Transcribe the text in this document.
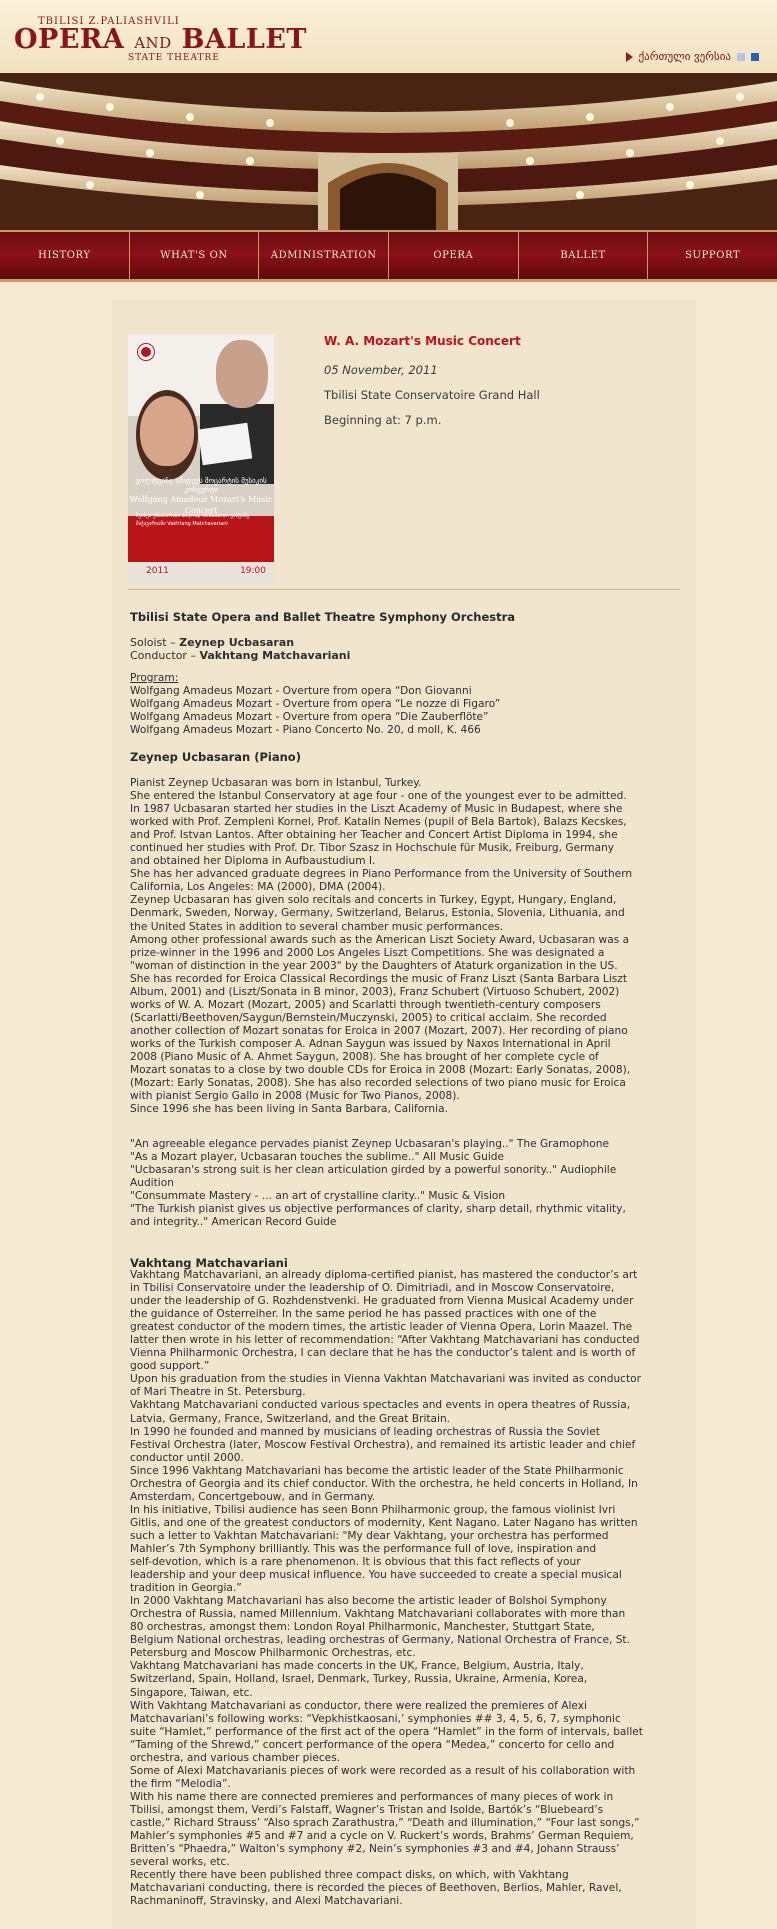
TBILISI Z.PALIASHVILI
OPERA AND BALLET
STATE THEATRE	ქართული ვერსია
HISTORY	WHAT'S ON	ADMINISTRATION	OPERA	BALLET	SUPPORT
ვოლფგანგ ამადეუს მოცარტის მუსიკის კონცერტი
Wolfgang Amadeus Mozart's Music Concert
ზეინეპ უჩბასარანი Zeynep Ucbasaran ვახტანგ მაჭავარიანი Vakhtang Matchavariani
2011	19:00
W. A. Mozart's Music Concert
05 November, 2011
Tbilisi State Conservatoire Grand Hall
Beginning at: 7 p.m.
Tbilisi State Opera and Ballet Theatre Symphony Orchestra

Soloist – Zeynep Ucbasaran

Conductor – Vakhtang Matchavariani

Program:

Wolfgang Amadeus Mozart - Overture from opera “Don Giovanni

Wolfgang Amadeus Mozart - Overture from opera “Le nozze di Figaro”

Wolfgang Amadeus Mozart - Overture from opera “Die Zauberflöte”

Wolfgang Amadeus Mozart - Piano Concerto No. 20, d moll, K. 466

Zeynep Ucbasaran (Piano)

Pianist Zeynep Ucbasaran was born in Istanbul, Turkey.

She entered the Istanbul Conservatory at age four - one of the youngest ever to be admitted.

In 1987 Ucbasaran started her studies in the Liszt Academy of Music in Budapest, where she

worked with Prof. Zempleni Kornel, Prof. Katalin Nemes (pupil of Bela Bartok), Balazs Kecskes,

and Prof. Istvan Lantos. After obtaining her Teacher and Concert Artist Diploma in 1994, she

continued her studies with Prof. Dr. Tibor Szasz in Hochschule für Musik, Freiburg, Germany

and obtained her Diploma in Aufbaustudium I.

She has her advanced graduate degrees in Piano Performance from the University of Southern

California, Los Angeles: MA (2000), DMA (2004).

Zeynep Ucbasaran has given solo recitals and concerts in Turkey, Egypt, Hungary, England,

Denmark, Sweden, Norway, Germany, Switzerland, Belarus, Estonia, Slovenia, Lithuania, and

the United States in addition to several chamber music performances.

Among other professional awards such as the American Liszt Society Award, Ucbasaran was a

prize-winner in the 1996 and 2000 Los Angeles Liszt Competitions. She was designated a

"woman of distinction in the year 2003" by the Daughters of Ataturk organization in the US.

She has recorded for Eroica Classical Recordings the music of Franz Liszt (Santa Barbara Liszt

Album, 2001) and (Liszt/Sonata in B minor, 2003), Franz Schubert (Virtuoso Schubert, 2002)

works of W. A. Mozart (Mozart, 2005) and Scarlatti through twentieth-century composers

(Scarlatti/Beethoven/Saygun/Bernstein/Muczynski, 2005) to critical acclaim. She recorded

another collection of Mozart sonatas for Eroica in 2007 (Mozart, 2007). Her recording of piano

works of the Turkish composer A. Adnan Saygun was issued by Naxos International in April

2008 (Piano Music of A. Ahmet Saygun, 2008). She has brought of her complete cycle of

Mozart sonatas to a close by two double CDs for Eroica in 2008 (Mozart: Early Sonatas, 2008),

(Mozart: Early Sonatas, 2008). She has also recorded selections of two piano music for Eroica

with pianist Sergio Gallo in 2008 (Music for Two Pianos, 2008).

Since 1996 she has been living in Santa Barbara, California.

"An agreeable elegance pervades pianist Zeynep Ucbasaran's playing.." The Gramophone

"As a Mozart player, Ucbasaran touches the sublime.." All Music Guide

"Ucbasaran's strong suit is her clean articulation girded by a powerful sonority.." Audiophile

Audition

"Consummate Mastery - ... an art of crystalline clarity.." Music & Vision

"The Turkish pianist gives us objective performances of clarity, sharp detail, rhythmic vitality,

and integrity.." American Record Guide

Vakhtang Matchavariani

Vakhtang Matchavariani, an already diploma-certified pianist, has mastered the conductor’s art

in Tbilisi Conservatoire under the leadership of O. Dimitriadi, and in Moscow Conservatoire,

under the leadership of G. Rozhdenstvenki. He graduated from Vienna Musical Academy under

the guidance of Osterreiher. In the same period he has passed practices with one of the

greatest conductor of the modern times, the artistic leader of Vienna Opera, Lorin Maazel. The

latter then wrote in his letter of recommendation: “After Vakhtang Matchavariani has conducted

Vienna Philharmonic Orchestra, I can declare that he has the conductor’s talent and is worth of

good support.”

Upon his graduation from the studies in Vienna Vakhtan Matchavariani was invited as conductor

of Mari Theatre in St. Petersburg.

Vakhtang Matchavariani conducted various spectacles and events in opera theatres of Russia,

Latvia, Germany, France, Switzerland, and the Great Britain.

In 1990 he founded and manned by musicians of leading orchestras of Russia the Soviet

Festival Orchestra (later, Moscow Festival Orchestra), and remained its artistic leader and chief

conductor until 2000.

Since 1996 Vakhtang Matchavariani has become the artistic leader of the State Philharmonic

Orchestra of Georgia and its chief conductor. With the orchestra, he held concerts in Holland, In

Amsterdam, Concertgebouw, and in Germany.

In his initiative, Tbilisi audience has seen Bonn Philharmonic group, the famous violinist Ivri

Gitlis, and one of the greatest conductors of modernity, Kent Nagano. Later Nagano has written

such a letter to Vakhtan Matchavariani: "My dear Vakhtang, your orchestra has performed

Mahler’s 7th Symphony brilliantly. This was the performance full of love, inspiration and

self-devotion, which is a rare phenomenon. It is obvious that this fact reflects of your

leadership and your deep musical influence. You have succeeded to create a special musical

tradition in Georgia.”

In 2000 Vakhtang Matchavariani has also become the artistic leader of Bolshoi Symphony

Orchestra of Russia, named Millennium. Vakhtang Matchavariani collaborates with more than

80 orchestras, amongst them: London Royal Philharmonic, Manchester, Stuttgart State,

Belgium National orchestras, leading orchestras of Germany, National Orchestra of France, St.

Petersburg and Moscow Philharmonic Orchestras, etc.

Vakhtang Matchavariani has made concerts in the UK, France, Belgium, Austria, Italy,

Switzerland, Spain, Holland, Israel, Denmark, Turkey, Russia, Ukraine, Armenia, Korea,

Singapore, Taiwan, etc.

With Vakhtang Matchavariani as conductor, there were realized the premieres of Alexi

Matchavariani’s following works: “Vepkhistkaosani,’ symphonies ## 3, 4, 5, 6, 7, symphonic

suite “Hamlet,” performance of the first act of the opera “Hamlet” in the form of intervals, ballet

“Taming of the Shrewd,” concert performance of the opera “Medea,” concerto for cello and

orchestra, and various chamber pieces.

Some of Alexi Matchavarianis pieces of work were recorded as a result of his collaboration with

the firm “Melodia”.

With his name there are connected premieres and performances of many pieces of work in

Tbilisi, amongst them, Verdi’s Falstaff, Wagner’s Tristan and Isolde, Bartók’s “Bluebeard’s

castle,” Richard Strauss’ “Also sprach Zarathustra,” “Death and illumination,” “Four last songs,”

Mahler’s symphonies #5 and #7 and a cycle on V. Ruckert’s words, Brahms’ German Requiem,

Britten’s “Phaedra,” Walton’s symphony #2, Nein’s symphonies #3 and #4, Johann Strauss’

several works, etc.

Recently there have been published three compact disks, on which, with Vakhtang

Matchavariani conducting, there is recorded the pieces of Beethoven, Berlios, Mahler, Ravel,

Rachmaninoff, Stravinsky, and Alexi Matchavariani.
